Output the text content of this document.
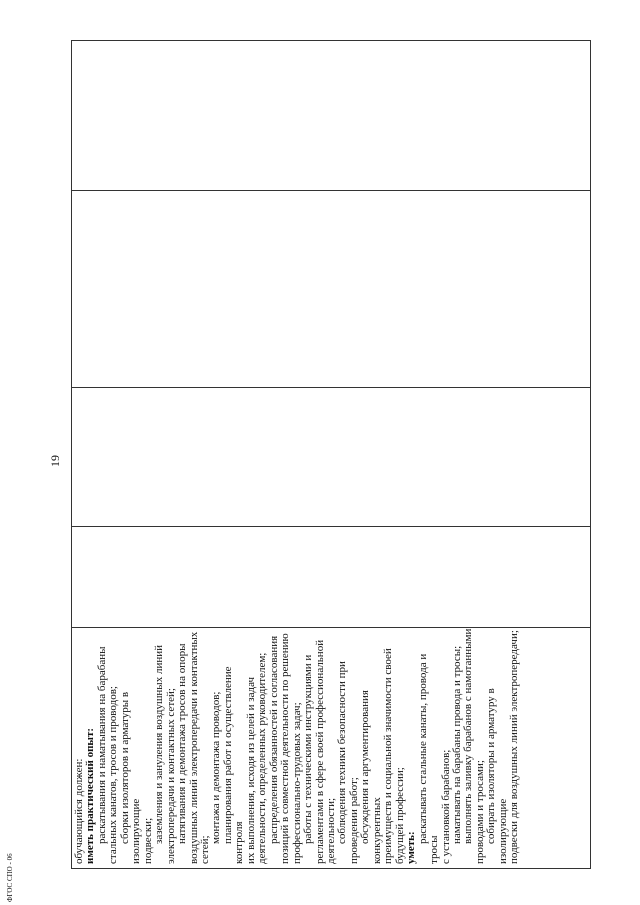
19

обучающийся должен: иметь практический опыт: раскатывания и наматывания на барабаны стальных канатов, тросов и проводов; сборки изоляторов и арматуры в изолирующие подвески; заземления и зануления воздушных линий электропередачи и контактных сетей; натягивания и демонтажа тросов на опоры воздушных линий электропередачи и контактных сетей;

монтажа и демонтажа проводов; планирования работ и осуществление контроля их выполнения, исходя из целей и задач деятельности, определенных руководителем; распределения обязанностей и согласования позиций в совместной деятельности по решению профессионально-трудовых задач; работы с техническими инструкциями и регламентами в сфере своей профессиональной деятельности; соблюдения техники безопасности при проведении работ; обсуждения и аргументирования конкурентных преимуществ и социальной значимости своей будущей профессии; уметь:

раскатывать стальные канаты, провода и тросы с установкой барабанов; наматывать на барабаны провода и тросы; выполнять заливку барабанов с намотанными проводами и тросами; собирать изоляторы и арматуру в изолирующие подвески для воздушных линий электропередачи;

ФГОС СПО - 06
